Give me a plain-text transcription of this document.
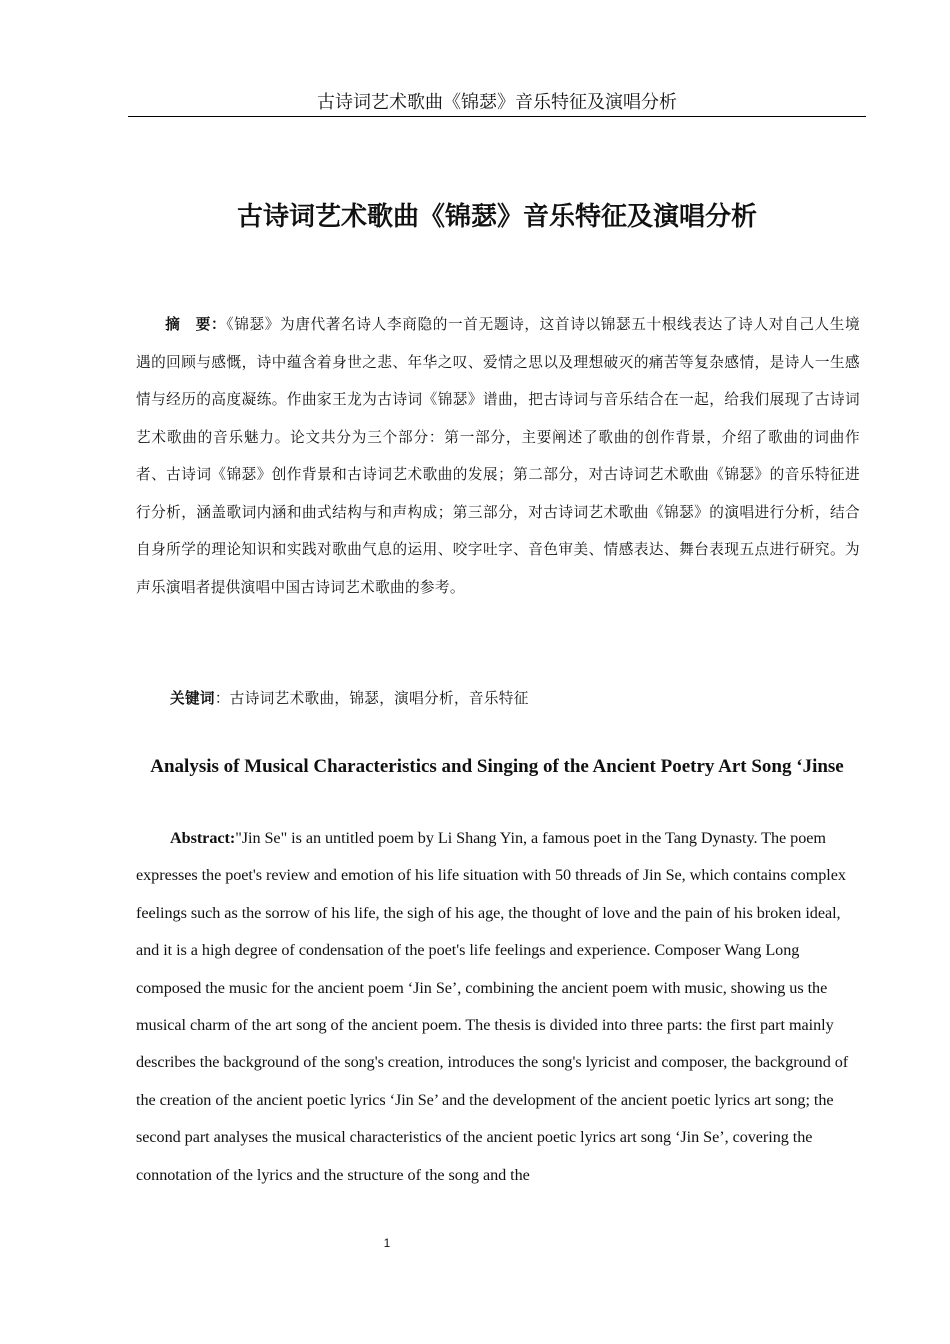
古诗词艺术歌曲《锦瑟》音乐特征及演唱分析
古诗词艺术歌曲《锦瑟》音乐特征及演唱分析

摘　要：《锦瑟》为唐代著名诗人李商隐的一首无题诗，这首诗以锦瑟五十根线表达了诗人对自己人生境遇的回顾与感慨，诗中蕴含着身世之悲、年华之叹、爱情之思以及理想破灭的痛苦等复杂感情，是诗人一生感情与经历的高度凝练。作曲家王龙为古诗词《锦瑟》谱曲，把古诗词与音乐结合在一起，给我们展现了古诗词艺术歌曲的音乐魅力。论文共分为三个部分：第一部分，主要阐述了歌曲的创作背景，介绍了歌曲的词曲作者、古诗词《锦瑟》创作背景和古诗词艺术歌曲的发展；第二部分，对古诗词艺术歌曲《锦瑟》的音乐特征进行分析，涵盖歌词内涵和曲式结构与和声构成；第三部分，对古诗词艺术歌曲《锦瑟》的演唱进行分析，结合自身所学的理论知识和实践对歌曲气息的运用、咬字吐字、音色审美、情感表达、舞台表现五点进行研究。为声乐演唱者提供演唱中国古诗词艺术歌曲的参考。

关键词：古诗词艺术歌曲，锦瑟，演唱分析，音乐特征

Analysis of Musical Characteristics and Singing of the Ancient Poetry Art Song ‘Jinse

Abstract:"Jin Se" is an untitled poem by Li Shang Yin, a famous poet in the Tang Dynasty. The poem expresses the poet's review and emotion of his life situation with 50 threads of Jin Se, which contains complex feelings such as the sorrow of his life, the sigh of his age, the thought of love and the pain of his broken ideal, and it is a high degree of condensation of the poet's life feelings and experience. Composer Wang Long composed the music for the ancient poem ‘Jin Se’, combining the ancient poem with music, showing us the musical charm of the art song of the ancient poem. The thesis is divided into three parts: the first part mainly describes the background of the song's creation, introduces the song's lyricist and composer, the background of the creation of the ancient poetic lyrics ‘Jin Se’ and the development of the ancient poetic lyrics art song; the second part analyses the musical characteristics of the ancient poetic lyrics art song ‘Jin Se’, covering the connotation of the lyrics and the structure of the song and the

1
